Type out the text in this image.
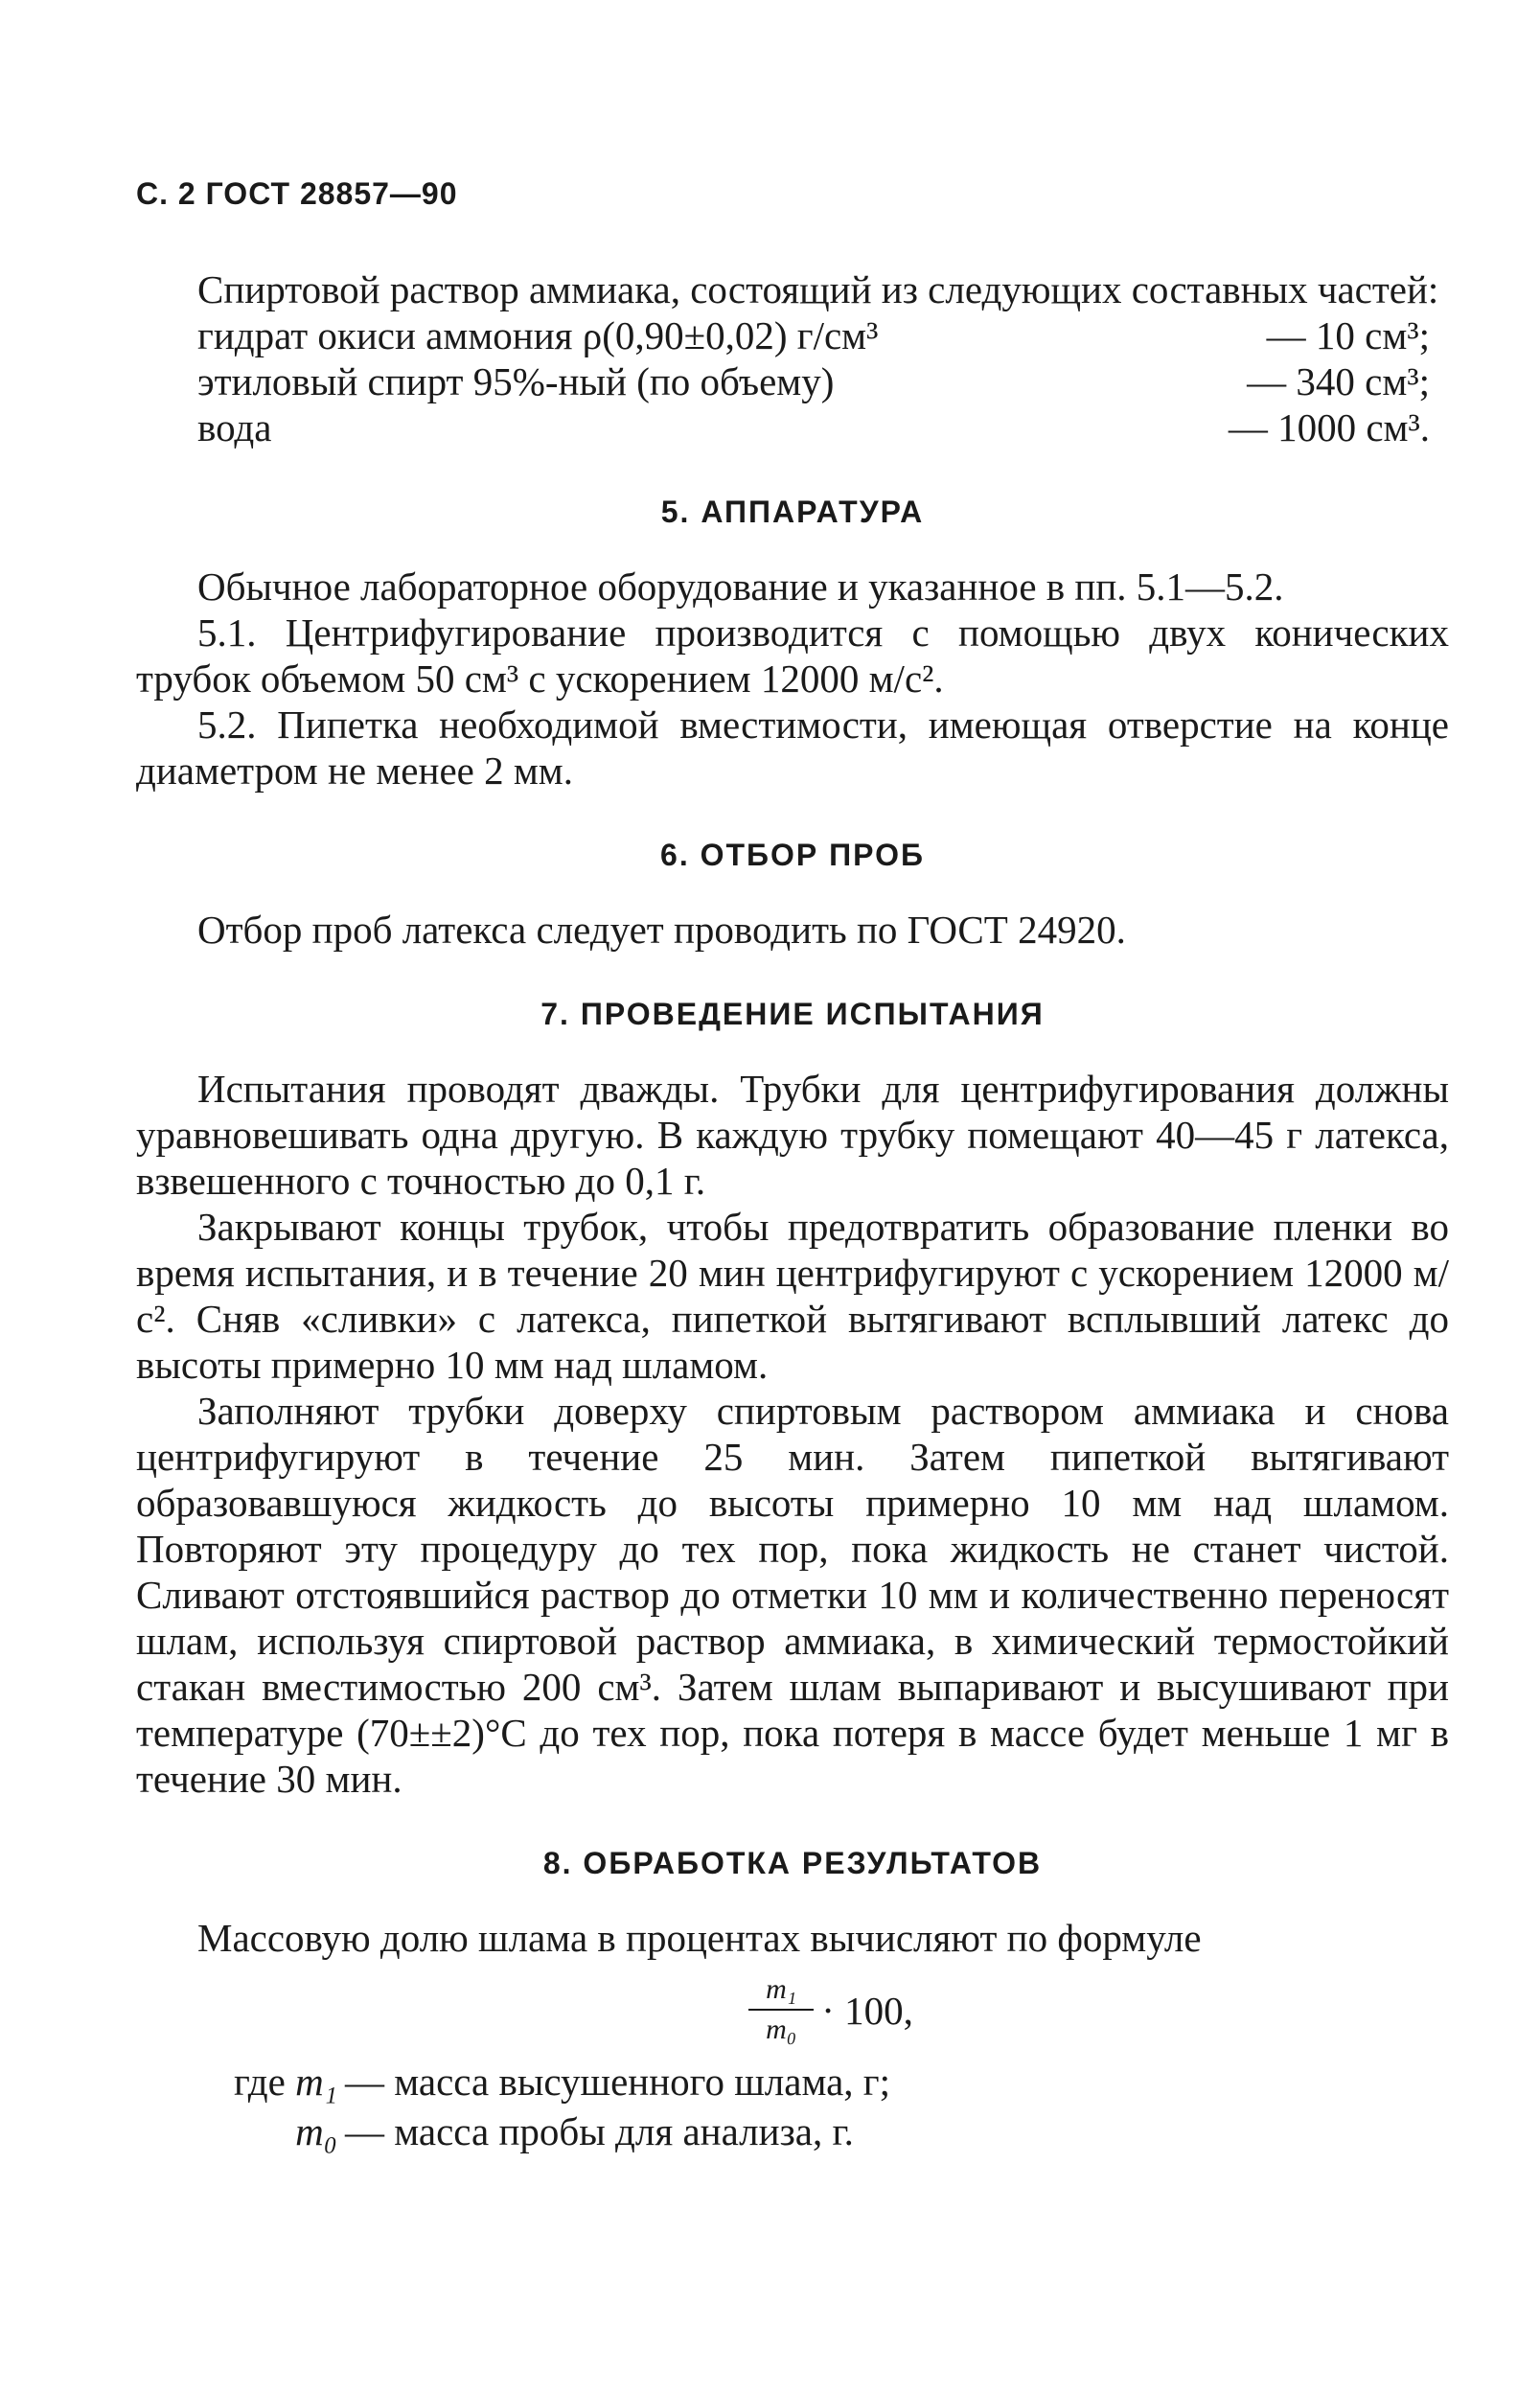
С. 2 ГОСТ 28857—90

Спиртовой раствор аммиака, состоящий из следующих составных частей:

гидрат окиси аммония ρ(0,90±0,02) г/см³	— 10 см³;
этиловый спирт 95%-ный (по объему)	— 340 см³;
вода	— 1000 см³.
5. АППАРАТУРА

Обычное лабораторное оборудование и указанное в пп. 5.1—5.2.

5.1. Центрифугирование производится с помощью двух конических трубок объемом 50 см³ с ускорением 12000 м/с².

5.2. Пипетка необходимой вместимости, имеющая отверстие на конце диаметром не менее 2 мм.

6. ОТБОР ПРОБ

Отбор проб латекса следует проводить по ГОСТ 24920.

7. ПРОВЕДЕНИЕ ИСПЫТАНИЯ

Испытания проводят дважды. Трубки для центрифугирования должны уравновешивать одна другую. В каждую трубку помещают 40—45 г латекса, взвешенного с точностью до 0,1 г.

Закрывают концы трубок, чтобы предотвратить образование пленки во время испытания, и в течение 20 мин центрифугируют с ускорением 12000 м/с². Сняв «сливки» с латекса, пипеткой вытягивают всплывший латекс до высоты примерно 10 мм над шламом.

Заполняют трубки доверху спиртовым раствором аммиака и снова центрифугируют в течение 25 мин. Затем пипеткой вытягивают образовавшуюся жидкость до высоты примерно 10 мм над шламом. Повторяют эту процедуру до тех пор, пока жидкость не станет чистой. Сливают отстоявшийся раствор до отметки 10 мм и количественно переносят шлам, используя спиртовой раствор аммиака, в химический термостойкий стакан вместимостью 200 см³. Затем шлам выпаривают и высушивают при температуре (70±±2)°С до тех пор, пока потеря в массе будет меньше 1 мг в течение 30 мин.

8. ОБРАБОТКА РЕЗУЛЬТАТОВ

Массовую долю шлама в процентах вычисляют по формуле

$\frac{\text{m₁}}{\text{m₀}} \cdot 100$,
где m₁ — масса высушенного шлама, г;
m₀ — масса пробы для анализа, г.
